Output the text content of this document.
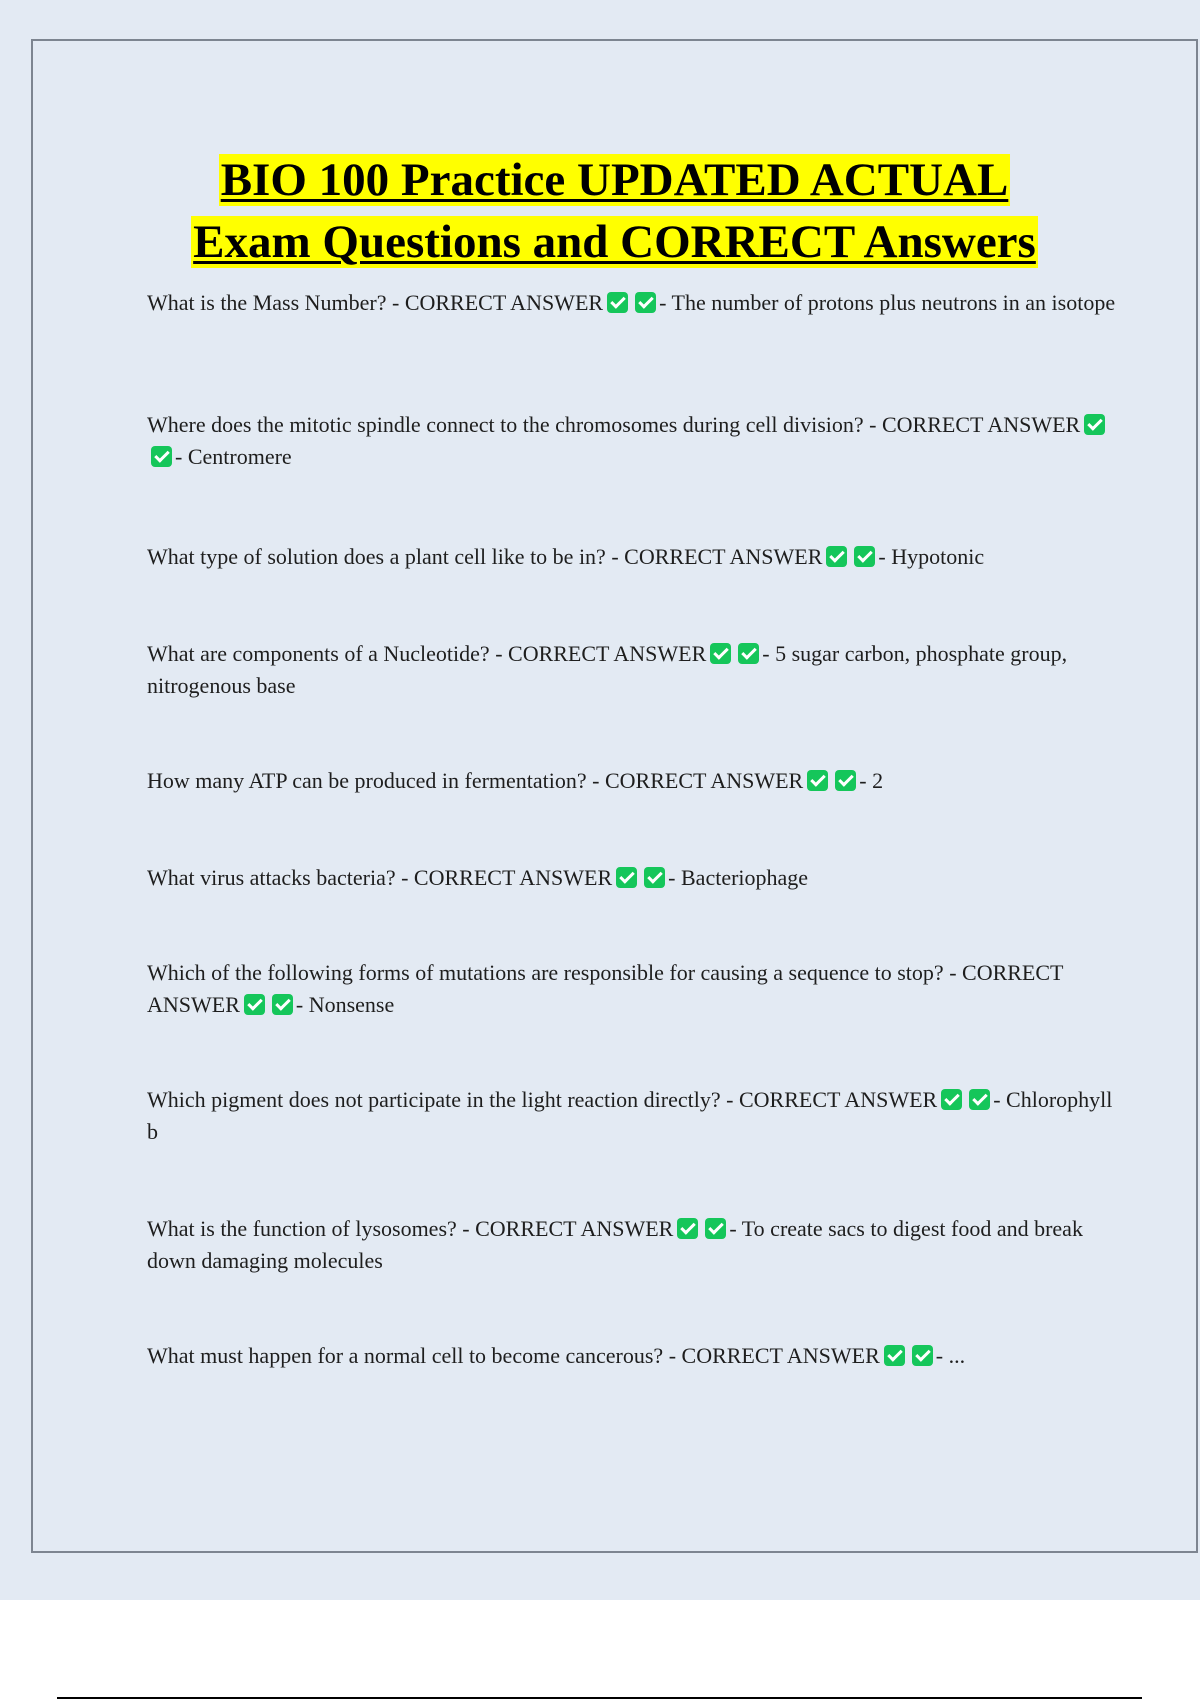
BIO 100 Practice UPDATED ACTUAL
Exam Questions and CORRECT Answers

What is the Mass Number? - CORRECT ANSWER	- The number of protons plus neutrons in an isotope

Where does the mitotic spindle connect to the chromosomes during cell division? - CORRECT ANSWER- Centromere

What type of solution does a plant cell like to be in? - CORRECT ANSWER	- Hypotonic

What are components of a Nucleotide? - CORRECT ANSWER	- 5 sugar carbon, phosphate group, nitrogenous base

How many ATP can be produced in fermentation? - CORRECT ANSWER	- 2

What virus attacks bacteria? - CORRECT ANSWER	- Bacteriophage

Which of the following forms of mutations are responsible for causing a sequence to stop? - CORRECT ANSWER	- Nonsense

Which pigment does not participate in the light reaction directly? - CORRECT ANSWER	- Chlorophyll b

What is the function of lysosomes? - CORRECT ANSWER	- To create sacs to digest food and break down damaging molecules

What must happen for a normal cell to become cancerous? - CORRECT ANSWER	- ...
